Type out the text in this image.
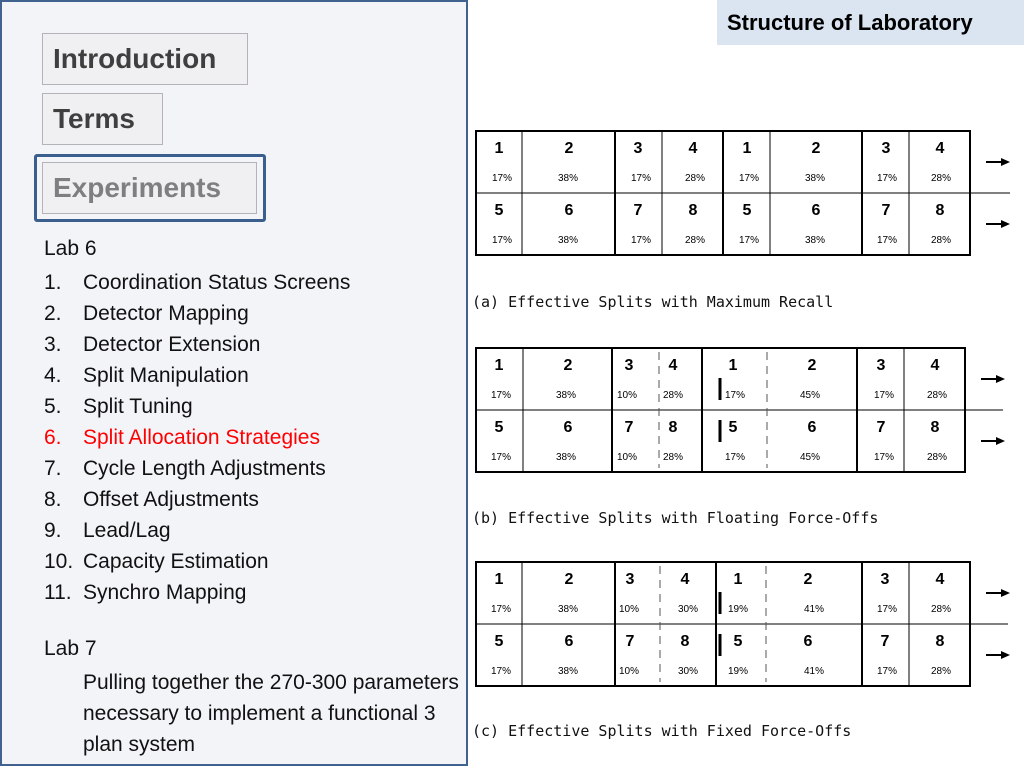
Introduction
Terms
Experiments
Lab 6
1. Coordination Status Screens
2. Detector Mapping
3. Detector Extension
4. Split Manipulation
5. Split Tuning
6. Split Allocation Strategies
7. Cycle Length Adjustments
8. Offset Adjustments
9. Lead/Lag
10. Capacity Estimation
11. Synchro Mapping
Lab 7
Pulling together the 270-300 parameters necessary to implement a functional 3 plan system
Structure of Laboratory
1
17%
2
38%
3
17%
4
28%
1
17%
2
38%
3
17%
4
28%
5
17%
6
38%
7
17%
8
28%
5
17%
6
38%
7
17%
8
28%
1
17%
2
38%
3
10%
4
28%
1
17%
2
45%
3
17%
4
28%
5
17%
6
38%
7
10%
8
28%
5
17%
6
45%
7
17%
8
28%
1
17%
2
38%
3
10%
4
30%
1
19%
2
41%
3
17%
4
28%
5
17%
6
38%
7
10%
8
30%
5
19%
6
41%
7
17%
8
28%
(a) Effective Splits with Maximum Recall
(b) Effective Splits with Floating Force-Offs
(c) Effective Splits with Fixed Force-Offs
